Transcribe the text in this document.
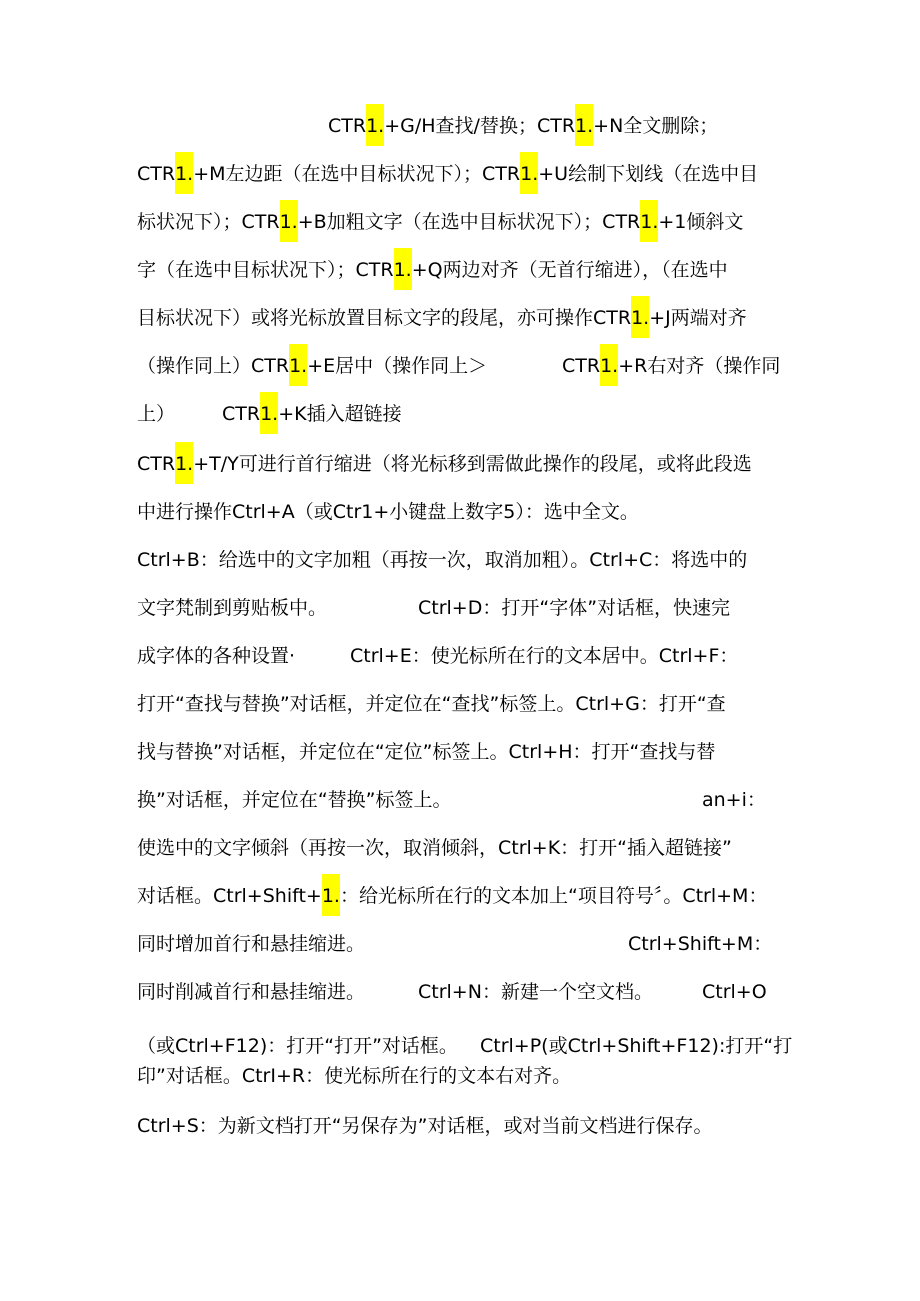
CTR1.+G/H查找/替换；CTR1.+N全文删除；
CTR1.+M左边距（在选中目标状况下）；CTR1.+U绘制下划线（在选中目
标状况下）；CTR1.+B加粗文字（在选中目标状况下）；CTR1.+1倾斜文
字（在选中目标状况下）；CTR1.+Q两边对齐（无首行缩进），（在选中
目标状况下）或将光标放置目标文字的段尾，亦可操作CTR1.+J两端对齐
（操作同上）CTR1.+E居中（操作同上＞	CTR1.+R右对齐（操作同
上） CTR1.+K插入超链接
CTR1.+T/Y可进行首行缩进（将光标移到需做此操作的段尾，或将此段选
中进行操作Ctrl+A（或Ctr1+小键盘上数字5）：选中全文。
Ctrl+B：给选中的文字加粗（再按一次，取消加粗）。Ctrl+C：将选中的
文字梵制到剪贴板中。	Ctrl+D：打开“字体”对话框，快速完
成字体的各种设置·	Ctrl+E：使光标所在行的文本居中。Ctrl+F：
打开“查找与替换”对话框，并定位在“查找”标签上。Ctrl+G：打开“查
找与替换”对话框，并定位在“定位”标签上。Ctrl+H：打开“查找与替
换”对话框，并定位在“替换”标签上。	an+i：
使选中的文字倾斜（再按一次，取消倾斜，Ctrl+K：打开“插入超链接”
对话框。Ctrl+Shift+1.：给光标所在行的文本加上“项目符号〞。Ctrl+M：
同时增加首行和悬挂缩进。	Ctrl+Shift+M：
同时削减首行和悬挂缩进。	Ctrl+N：新建一个空文档。	Ctrl+O
（或Ctrl+F12)：打开“打开”对话框。 Ctrl+P(或Ctrl+Shift+F12):打开“打
印”对话框。CtrI+R：使光标所在行的文本右对齐。
Ctrl+S：为新文档打开“另保存为”对话框，或对当前文档进行保存。
